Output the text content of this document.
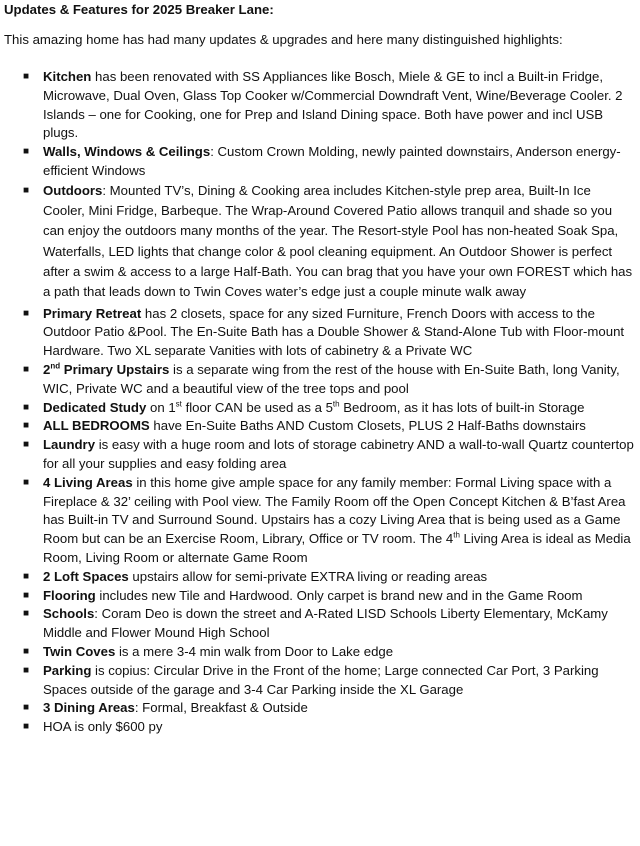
Updates & Features for 2025 Breaker Lane:
This amazing home has had many updates & upgrades and here many distinguished highlights:
■ Kitchen has been renovated with SS Appliances like Bosch, Miele & GE to incl a Built-in Fridge, Microwave, Dual Oven, Glass Top Cooker w/Commercial Downdraft Vent, Wine/Beverage Cooler. 2 Islands – one for Cooking, one for Prep and Island Dining space. Both have power and incl USB plugs.
■ Walls, Windows & Ceilings: Custom Crown Molding, newly painted downstairs, Anderson energy-efficient Windows
■ Outdoors: Mounted TV’s, Dining & Cooking area includes Kitchen-style prep area, Built-In Ice Cooler, Mini Fridge, Barbeque. The Wrap-Around Covered Patio allows tranquil and shade so you can enjoy the outdoors many months of the year. The Resort-style Pool has non-heated Soak Spa, Waterfalls, LED lights that change color & pool cleaning equipment. An Outdoor Shower is perfect after a swim & access to a large Half-Bath. You can brag that you have your own FOREST which has a path that leads down to Twin Coves water’s edge just a couple minute walk away
■ Primary Retreat has 2 closets, space for any sized Furniture, French Doors with access to the Outdoor Patio &Pool. The En-Suite Bath has a Double Shower & Stand-Alone Tub with Floor-mount Hardware. Two XL separate Vanities with lots of cabinetry & a Private WC
■ 2nd Primary Upstairs is a separate wing from the rest of the house with En-Suite Bath, long Vanity, WIC, Private WC and a beautiful view of the tree tops and pool
■ Dedicated Study on 1st floor CAN be used as a 5th Bedroom, as it has lots of built-in Storage
■ ALL BEDROOMS have En-Suite Baths AND Custom Closets, PLUS 2 Half-Baths downstairs
■ Laundry is easy with a huge room and lots of storage cabinetry AND a wall-to-wall Quartz countertop for all your supplies and easy folding area
■ 4 Living Areas in this home give ample space for any family member: Formal Living space with a Fireplace & 32’ ceiling with Pool view. The Family Room off the Open Concept Kitchen & B’fast Area has Built-in TV and Surround Sound. Upstairs has a cozy Living Area that is being used as a Game Room but can be an Exercise Room, Library, Office or TV room. The 4th Living Area is ideal as Media Room, Living Room or alternate Game Room
■ 2 Loft Spaces upstairs allow for semi-private EXTRA living or reading areas
■ Flooring includes new Tile and Hardwood. Only carpet is brand new and in the Game Room
■ Schools: Coram Deo is down the street and A-Rated LISD Schools Liberty Elementary, McKamy Middle and Flower Mound High School
■ Twin Coves is a mere 3-4 min walk from Door to Lake edge
■ Parking is copius: Circular Drive in the Front of the home; Large connected Car Port, 3 Parking Spaces outside of the garage and 3-4 Car Parking inside the XL Garage
■ 3 Dining Areas: Formal, Breakfast & Outside
■ HOA is only $600 py
